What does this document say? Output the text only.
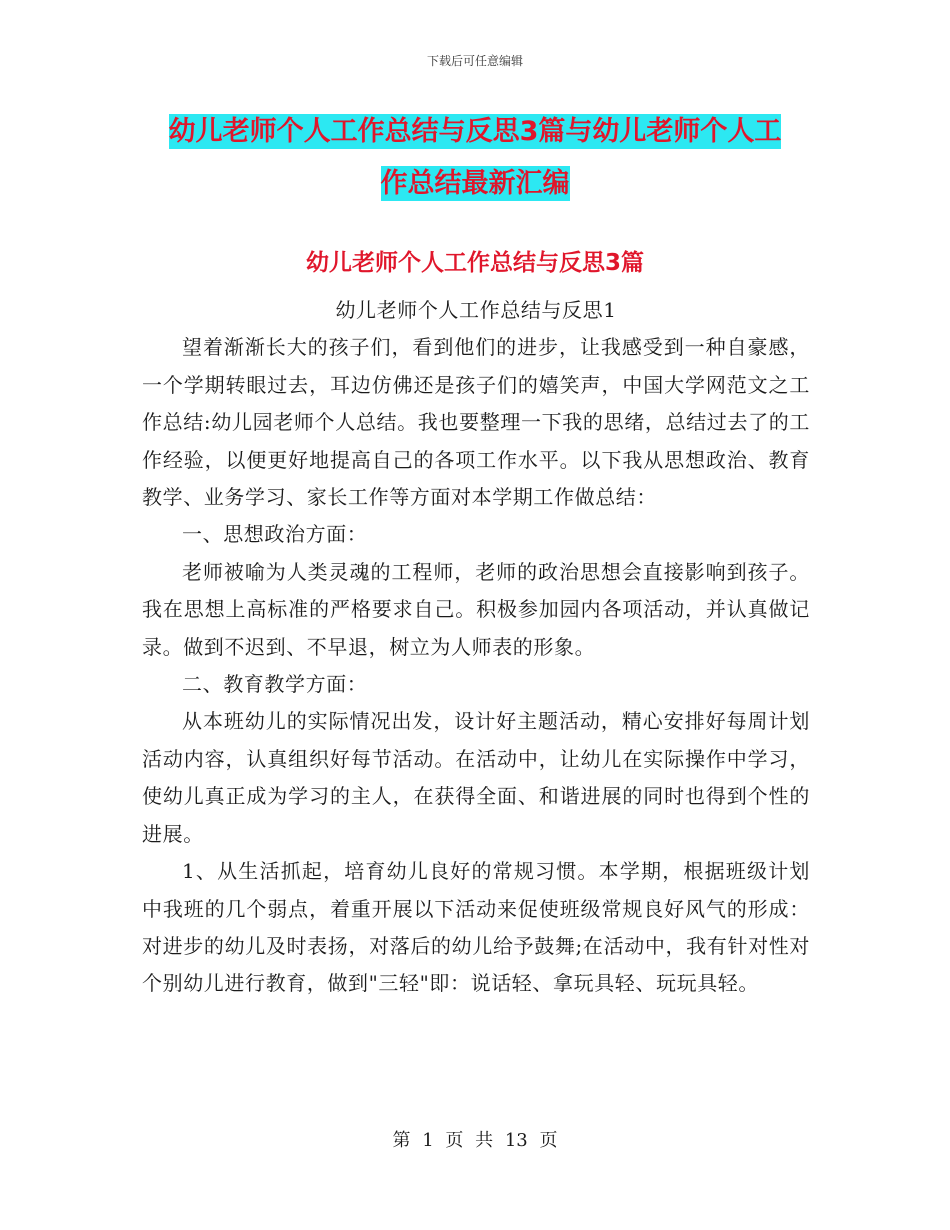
下载后可任意编辑
幼儿老师个人工作总结与反思3篇与幼儿老师个人工
作总结最新汇编
幼儿老师个人工作总结与反思3篇

幼儿老师个人工作总结与反思1

望着渐渐长大的孩子们，看到他们的进步，让我感受到一种自豪感，一个学期转眼过去，耳边仿佛还是孩子们的嬉笑声，中国大学网范文之工作总结:幼儿园老师个人总结。我也要整理一下我的思绪，总结过去了的工作经验，以便更好地提高自己的各项工作水平。以下我从思想政治、教育教学、业务学习、家长工作等方面对本学期工作做总结：

一、思想政治方面：

老师被喻为人类灵魂的工程师，老师的政治思想会直接影响到孩子。我在思想上高标准的严格要求自己。积极参加园内各项活动，并认真做记录。做到不迟到、不早退，树立为人师表的形象。

二、教育教学方面：

从本班幼儿的实际情况出发，设计好主题活动，精心安排好每周计划活动内容，认真组织好每节活动。在活动中，让幼儿在实际操作中学习，使幼儿真正成为学习的主人，在获得全面、和谐进展的同时也得到个性的进展。

1、从生活抓起，培育幼儿良好的常规习惯。本学期，根据班级计划中我班的几个弱点，着重开展以下活动来促使班级常规良好风气的形成：对进步的幼儿及时表扬，对落后的幼儿给予鼓舞;在活动中，我有针对性对个别幼儿进行教育，做到"三轻"即：说话轻、拿玩具轻、玩玩具轻。

第 1 页 共 13 页
